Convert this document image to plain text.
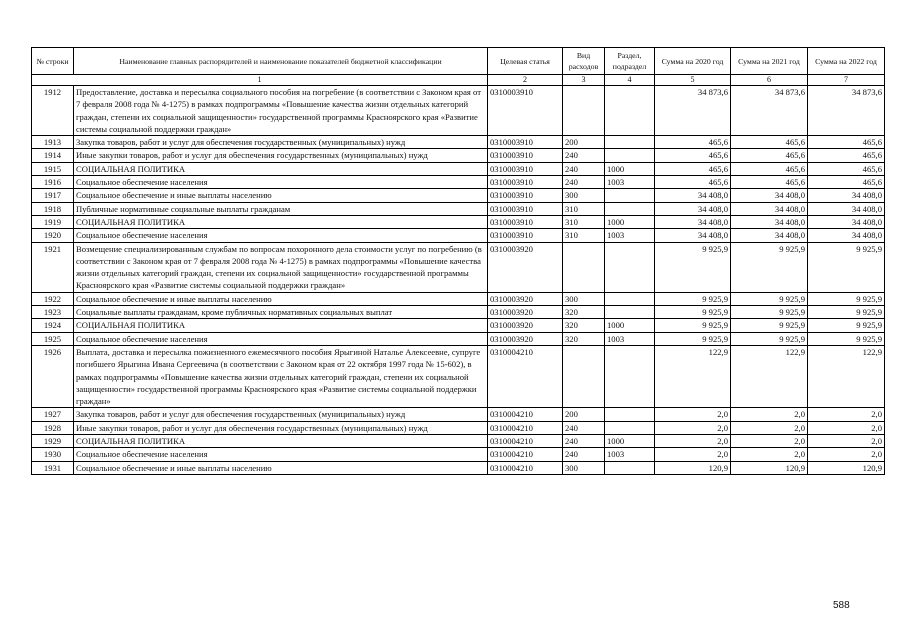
№ строки	Наименование главных распорядителей и наименование показателей бюджетной классификации	Целевая статья	Вид расходов	Раздел, подраздел	Сумма на 2020 год	Сумма на 2021 год	Сумма на 2022 год
1		2	3	4	5	6	7
1912	Предоставление, доставка и пересылка социального пособия на погребение (в соответствии с Законом края от 7 февраля 2008 года № 4-1275) в рамках подпрограммы «Повышение качества жизни отдельных категорий граждан, степени их социальной защищенности» государственной программы Красноярского края «Развитие системы социальной поддержки граждан»	0310003910			34 873,6	34 873,6	34 873,6
1913	Закупка товаров, работ и услуг для обеспечения государственных (муниципальных) нужд	0310003910	200		465,6	465,6	465,6
1914	Иные закупки товаров, работ и услуг для обеспечения государственных (муниципальных) нужд	0310003910	240		465,6	465,6	465,6
1915	СОЦИАЛЬНАЯ ПОЛИТИКА	0310003910	240	1000	465,6	465,6	465,6
1916	Социальное обеспечение населения	0310003910	240	1003	465,6	465,6	465,6
1917	Социальное обеспечение и иные выплаты населению	0310003910	300		34 408,0	34 408,0	34 408,0
1918	Публичные нормативные социальные выплаты гражданам	0310003910	310		34 408,0	34 408,0	34 408,0
1919	СОЦИАЛЬНАЯ ПОЛИТИКА	0310003910	310	1000	34 408,0	34 408,0	34 408,0
1920	Социальное обеспечение населения	0310003910	310	1003	34 408,0	34 408,0	34 408,0
1921	Возмещение специализированным службам по вопросам похоронного дела стоимости услуг по погребению (в соответствии с Законом края от 7 февраля 2008 года № 4-1275) в рамках подпрограммы «Повышение качества жизни отдельных категорий граждан, степени их социальной защищенности» государственной программы Красноярского края «Развитие системы социальной поддержки граждан»	0310003920			9 925,9	9 925,9	9 925,9
1922	Социальное обеспечение и иные выплаты населению	0310003920	300		9 925,9	9 925,9	9 925,9
1923	Социальные выплаты гражданам, кроме публичных нормативных социальных выплат	0310003920	320		9 925,9	9 925,9	9 925,9
1924	СОЦИАЛЬНАЯ ПОЛИТИКА	0310003920	320	1000	9 925,9	9 925,9	9 925,9
1925	Социальное обеспечение населения	0310003920	320	1003	9 925,9	9 925,9	9 925,9
1926	Выплата, доставка и пересылка пожизненного ежемесячного пособия Ярыгиной Наталье Алексеевне, супруге погибшего Ярыгина Ивана Сергеевича (в соответствии с Законом края от 22 октября 1997 года № 15-602), в рамках подпрограммы «Повышение качества жизни отдельных категорий граждан, степени их социальной защищенности» государственной программы Красноярского края «Развитие системы социальной поддержки граждан»	0310004210			122,9	122,9	122,9
1927	Закупка товаров, работ и услуг для обеспечения государственных (муниципальных) нужд	0310004210	200		2,0	2,0	2,0
1928	Иные закупки товаров, работ и услуг для обеспечения государственных (муниципальных) нужд	0310004210	240		2,0	2,0	2,0
1929	СОЦИАЛЬНАЯ ПОЛИТИКА	0310004210	240	1000	2,0	2,0	2,0
1930	Социальное обеспечение населения	0310004210	240	1003	2,0	2,0	2,0
1931	Социальное обеспечение и иные выплаты населению	0310004210	300		120,9	120,9	120,9
588
